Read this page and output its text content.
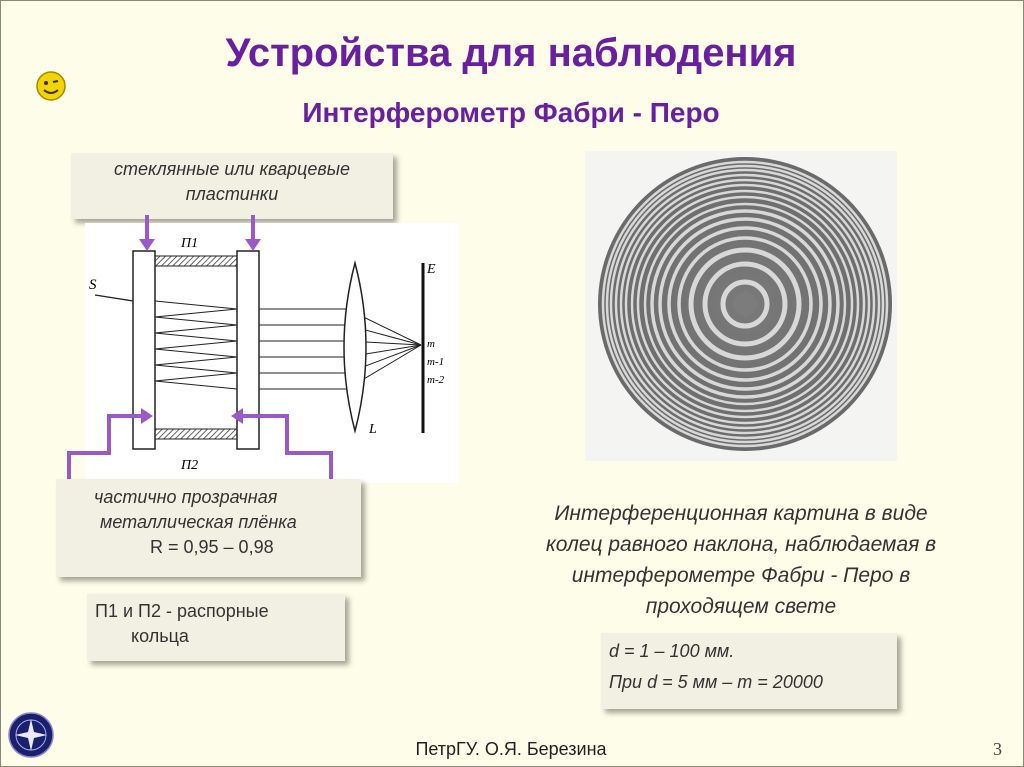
Устройства для наблюдения
Интерферометр Фабри - Перо
стеклянные или кварцевые
пластинки
S
П1
П2
E
L
m
m-1
m-2
частично прозрачная
металлическая плёнка
R = 0,95 – 0,98
П1 и П2 - распорные
кольца
Интерференционная картина в виде
колец равного наклона, наблюдаемая в
интерферометре Фабри - Перо в
проходящем свете
d = 1 – 100 мм.
При d = 5 мм – m = 20000
ПетрГУ. О.Я. Березина	3
